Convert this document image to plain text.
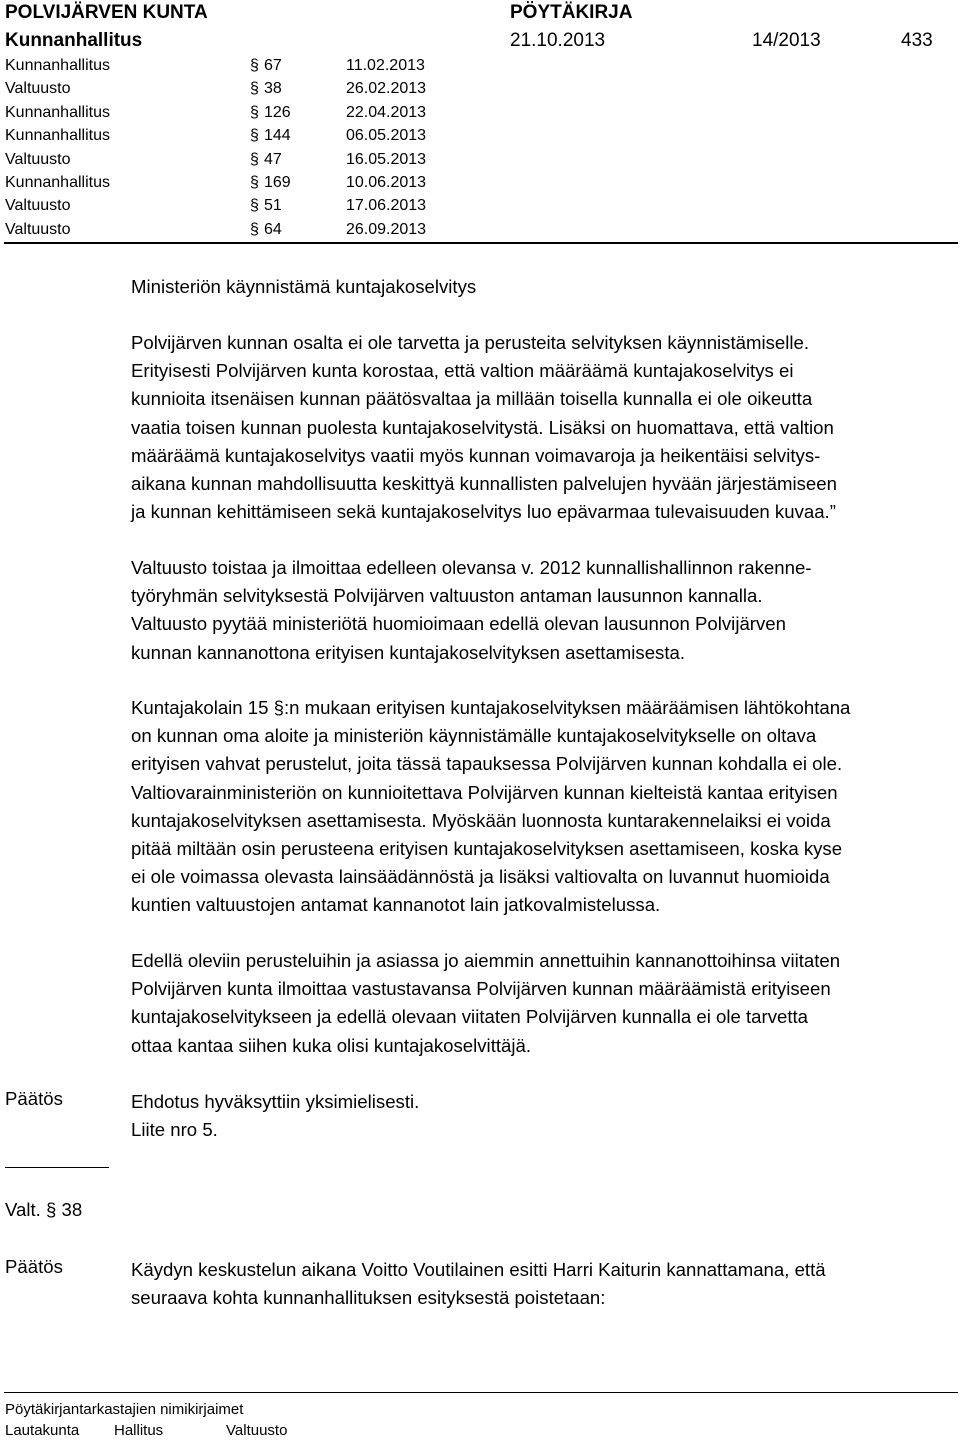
POLVIJÄRVEN KUNTA	PÖYTÄKIRJA
Kunnanhallitus	21.10.2013	14/2013	433
Kunnanhallitus	§ 67	11.02.2013
Valtuusto	§ 38	26.02.2013
Kunnanhallitus	§ 126	22.04.2013
Kunnanhallitus	§ 144	06.05.2013
Valtuusto	§ 47	16.05.2013
Kunnanhallitus	§ 169	10.06.2013
Valtuusto	§ 51	17.06.2013
Valtuusto	§ 64	26.09.2013
Ministeriön käynnistämä kuntajakoselvitys
Polvijärven kunnan osalta ei ole tarvetta ja perusteita selvityksen käynnistämiselle.
Erityisesti Polvijärven kunta korostaa, että valtion määräämä kuntajakoselvitys ei
kunnioita itsenäisen kunnan päätösvaltaa ja millään toisella kunnalla ei ole oikeutta
vaatia toisen kunnan puolesta kuntajakoselvitystä. Lisäksi on huomattava, että valtion
määräämä kuntajakoselvitys vaatii myös kunnan voimavaroja ja heikentäisi selvitys-
aikana kunnan mahdollisuutta keskittyä kunnallisten palvelujen hyvään järjestämiseen
ja kunnan kehittämiseen sekä kuntajakoselvitys luo epävarmaa tulevaisuuden kuvaa.”
Valtuusto toistaa ja ilmoittaa edelleen olevansa v. 2012 kunnallishallinnon rakenne-
työryhmän selvityksestä Polvijärven valtuuston antaman lausunnon kannalla.
Valtuusto pyytää ministeriötä huomioimaan edellä olevan lausunnon Polvijärven
kunnan kannanottona erityisen kuntajakoselvityksen asettamisesta.
Kuntajakolain 15 §:n mukaan erityisen kuntajakoselvityksen määräämisen lähtökohtana
on kunnan oma aloite ja ministeriön käynnistämälle kuntajakoselvitykselle on oltava
erityisen vahvat perustelut, joita tässä tapauksessa Polvijärven kunnan kohdalla ei ole.
Valtiovarainministeriön on kunnioitettava Polvijärven kunnan kielteistä kantaa erityisen
kuntajakoselvityksen asettamisesta. Myöskään luonnosta kuntarakennelaiksi ei voida
pitää miltään osin perusteena erityisen kuntajakoselvityksen asettamiseen, koska kyse
ei ole voimassa olevasta lainsäädännöstä ja lisäksi valtiovalta on luvannut huomioida
kuntien valtuustojen antamat kannanotot lain jatkovalmistelussa.
Edellä oleviin perusteluihin ja asiassa jo aiemmin annettuihin kannanottoihinsa viitaten
Polvijärven kunta ilmoittaa vastustavansa Polvijärven kunnan määräämistä erityiseen
kuntajakoselvitykseen ja edellä olevaan viitaten Polvijärven kunnalla ei ole tarvetta
ottaa kantaa siihen kuka olisi kuntajakoselvittäjä.
Päätös	Ehdotus hyväksyttiin yksimielisesti.
Liite nro 5.
Valt. § 38
Päätös	Käydyn keskustelun aikana Voitto Voutilainen esitti Harri Kaiturin kannattamana, että
seuraava kohta kunnanhallituksen esityksestä poistetaan:
Pöytäkirjantarkastajien nimikirjaimet
Lautakunta Hallitus	Valtuusto
